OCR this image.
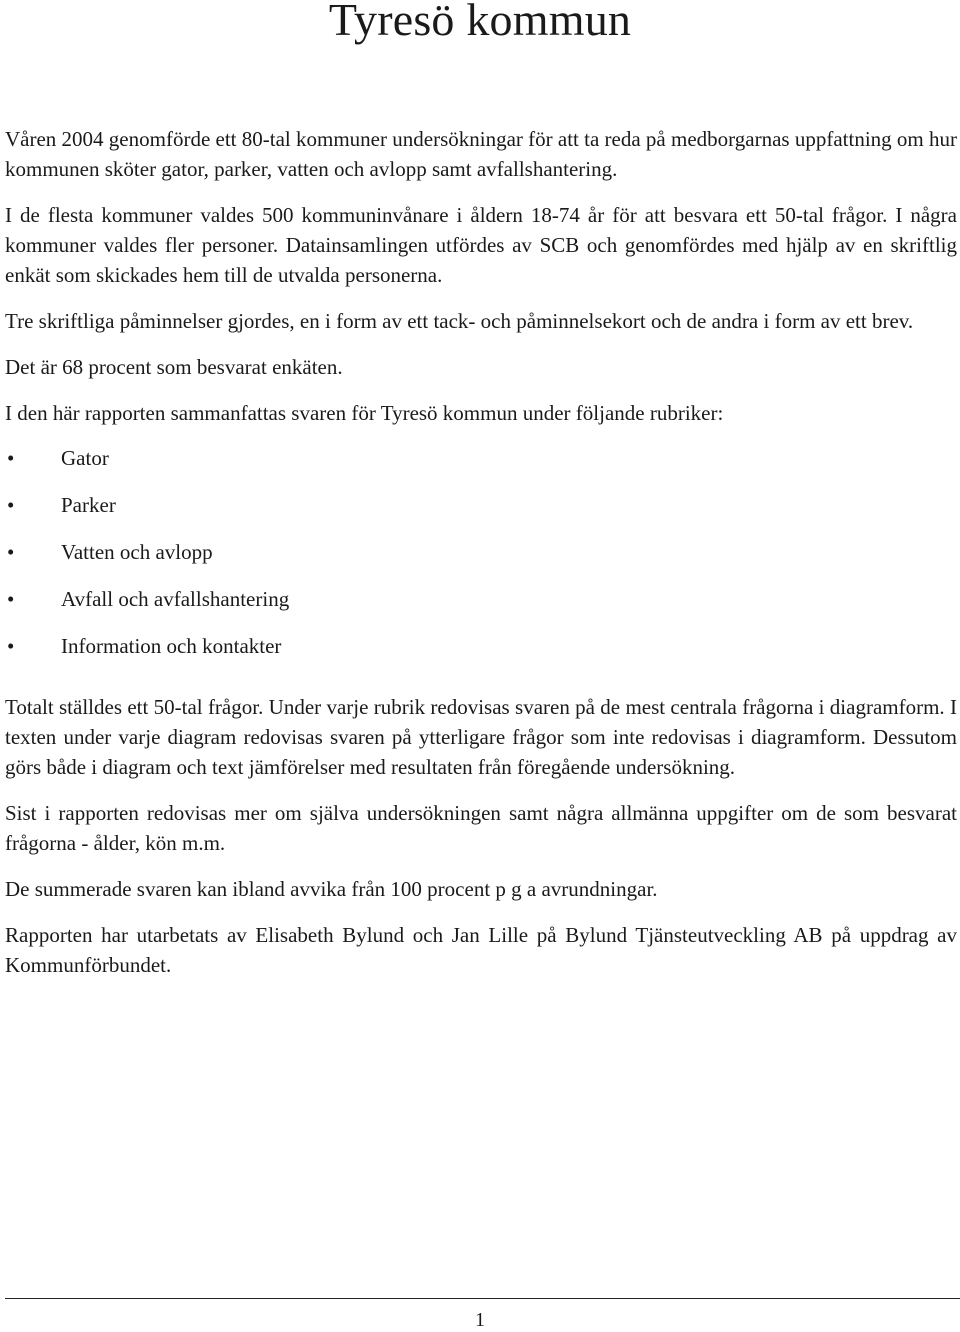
Tyresö kommun

Våren 2004 genomförde ett 80-tal kommuner undersökningar för att ta reda på medborgarnas uppfattning om hur kommunen sköter gator, parker, vatten och avlopp samt avfallshantering.

I de flesta kommuner valdes 500 kommuninvånare i åldern 18-74 år för att besvara ett 50-tal frågor. I några kommuner valdes fler personer. Datainsamlingen utfördes av SCB och genomfördes med hjälp av en skriftlig enkät som skickades hem till de utvalda personerna.

Tre skriftliga påminnelser gjordes, en i form av ett tack- och påminnelsekort och de andra i form av ett brev.

Det är 68 procent som besvarat enkäten.

I den här rapporten sammanfattas svaren för Tyresö kommun under följande rubriker:

•	Gator
•	Parker
•	Vatten och avlopp
•	Avfall och avfallshantering
•	Information och kontakter

Totalt ställdes ett 50-tal frågor. Under varje rubrik redovisas svaren på de mest centrala frågorna i diagramform. I texten under varje diagram redovisas svaren på ytterligare frågor som inte redovisas i diagramform. Dessutom görs både i diagram och text jämförelser med resultaten från föregående undersökning.

Sist i rapporten redovisas mer om själva undersökningen samt några allmänna uppgifter om de som besvarat frågorna - ålder, kön m.m.

De summerade svaren kan ibland avvika från 100 procent p g a avrundningar.

Rapporten har utarbetats av Elisabeth Bylund och Jan Lille på Bylund Tjänsteutveckling AB på uppdrag av Kommunförbundet.

1
